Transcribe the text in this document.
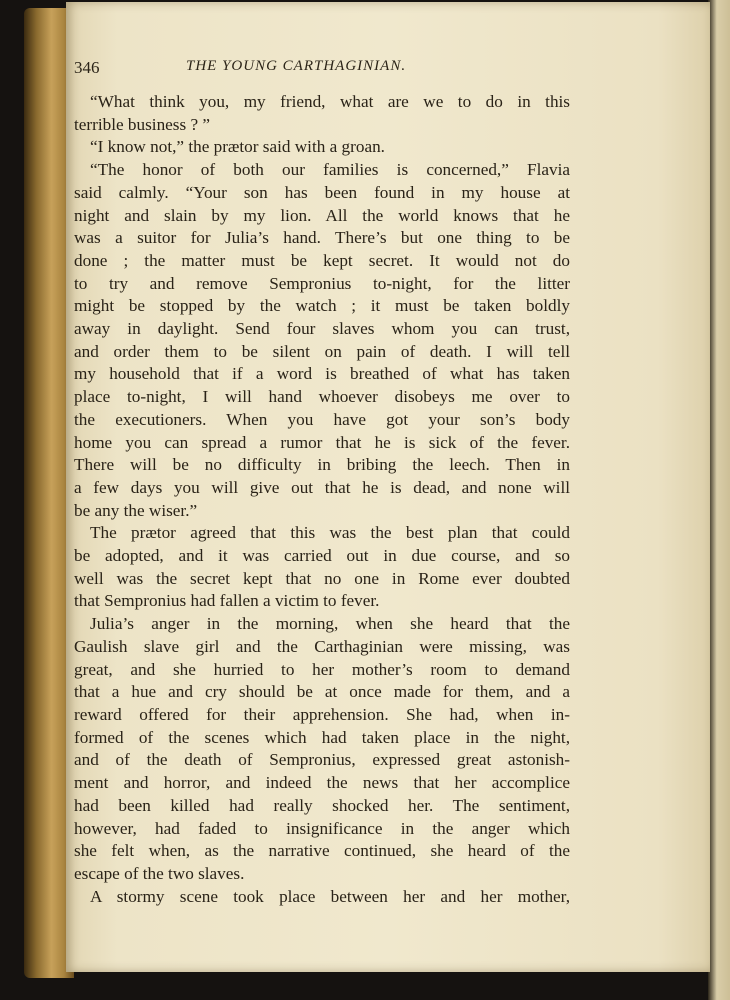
346	THE YOUNG CARTHAGINIAN.
“What think you, my friend, what are we to do in this
terrible business ? ”
“I know not,” the prætor said with a groan.
“The honor of both our families is concerned,” Flavia
said calmly. “Your son has been found in my house at
night and slain by my lion. All the world knows that he
was a suitor for Julia’s hand. There’s but one thing to be
done ; the matter must be kept secret. It would not do
to try and remove Sempronius to-night, for the litter
might be stopped by the watch ; it must be taken boldly
away in daylight. Send four slaves whom you can trust,
and order them to be silent on pain of death. I will tell
my household that if a word is breathed of what has taken
place to-night, I will hand whoever disobeys me over to
the executioners. When you have got your son’s body
home you can spread a rumor that he is sick of the fever.
There will be no difficulty in bribing the leech. Then in
a few days you will give out that he is dead, and none will
be any the wiser.”
The prætor agreed that this was the best plan that could
be adopted, and it was carried out in due course, and so
well was the secret kept that no one in Rome ever doubted
that Sempronius had fallen a victim to fever.
Julia’s anger in the morning, when she heard that the
Gaulish slave girl and the Carthaginian were missing, was
great, and she hurried to her mother’s room to demand
that a hue and cry should be at once made for them, and a
reward offered for their apprehension. She had, when in-
formed of the scenes which had taken place in the night,
and of the death of Sempronius, expressed great astonish-
ment and horror, and indeed the news that her accomplice
had been killed had really shocked her. The sentiment,
however, had faded to insignificance in the anger which
she felt when, as the narrative continued, she heard of the
escape of the two slaves.
A stormy scene took place between her and her mother,
